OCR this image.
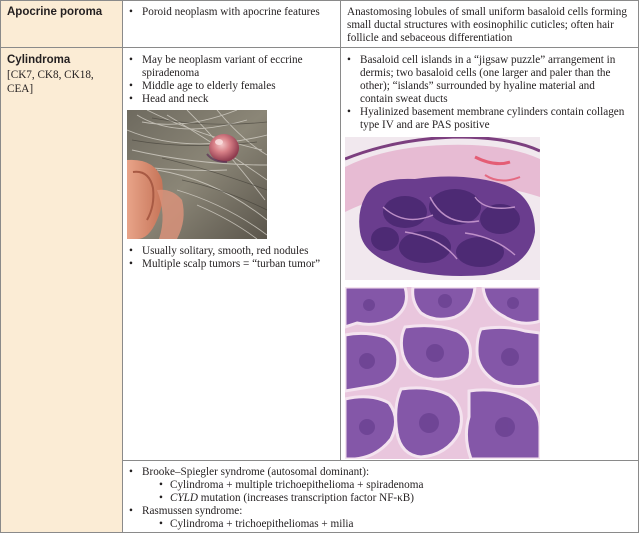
Apocrine poroma
•	Poroid neoplasm with apocrine features	Anastomosing lobules of small uniform basaloid cells forming small ductal structures with eosinophilic cuticles; often hair follicle and sebaceous differentiation

Cylindroma
[CK7, CK8, CK18, CEA]
• May be neoplasm variant of eccrine spiradenoma
• Middle age to elderly females
• Head and neck
• Usually solitary, smooth, red nodules
• Multiple scalp tumors = “turban tumor”
• Basaloid cell islands in a “jigsaw puzzle” arrangement in dermis; two basaloid cells (one larger and paler than the other); “islands” surrounded by hyaline material and contain sweat ducts
• Hyalinized basement membrane cylinders contain collagen type IV and are PAS positive
• Brooke–Spiegler syndrome (autosomal dominant):
• Cylindroma + multiple trichoepithelioma + spiradenoma
• CYLD mutation (increases transcription factor NF-κB)
• Rasmussen syndrome:
• Cylindroma + trichoepitheliomas + milia
